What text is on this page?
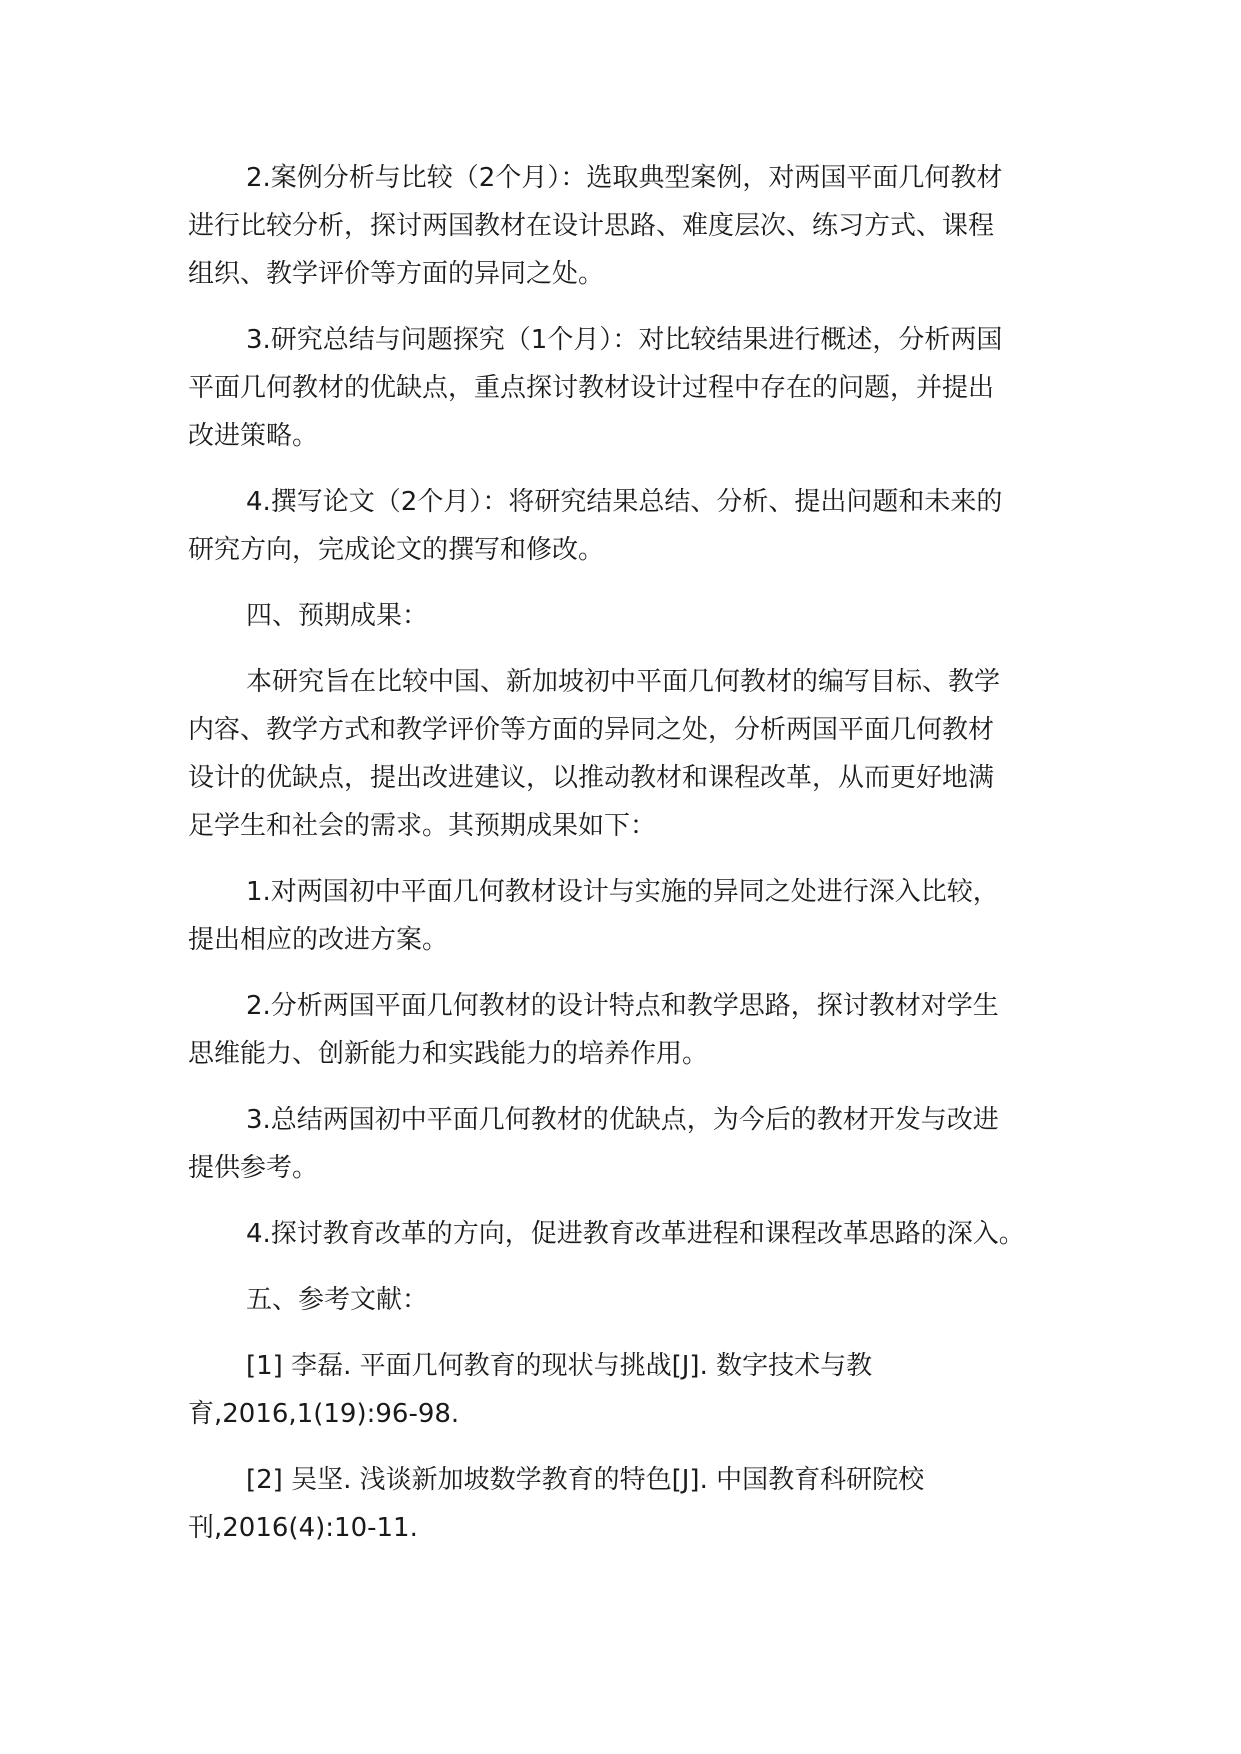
2.案例分析与比较（2个月）：选取典型案例，对两国平面几何教材
进行比较分析，探讨两国教材在设计思路、难度层次、练习方式、课程
组织、教学评价等方面的异同之处。

3.研究总结与问题探究（1个月）：对比较结果进行概述，分析两国
平面几何教材的优缺点，重点探讨教材设计过程中存在的问题，并提出
改进策略。

4.撰写论文（2个月）：将研究结果总结、分析、提出问题和未来的
研究方向，完成论文的撰写和修改。

四、预期成果：

本研究旨在比较中国、新加坡初中平面几何教材的编写目标、教学
内容、教学方式和教学评价等方面的异同之处，分析两国平面几何教材
设计的优缺点，提出改进建议，以推动教材和课程改革，从而更好地满
足学生和社会的需求。其预期成果如下：

1.对两国初中平面几何教材设计与实施的异同之处进行深入比较，
提出相应的改进方案。

2.分析两国平面几何教材的设计特点和教学思路，探讨教材对学生
思维能力、创新能力和实践能力的培养作用。

3.总结两国初中平面几何教材的优缺点，为今后的教材开发与改进
提供参考。

4.探讨教育改革的方向，促进教育改革进程和课程改革思路的深入。

五、参考文献：

[1] 李磊. 平面几何教育的现状与挑战[J]. 数字技术与教
育,2016,1(19):96-98.

[2] 吴坚. 浅谈新加坡数学教育的特色[J]. 中国教育科研院校
刊,2016(4):10-11.
